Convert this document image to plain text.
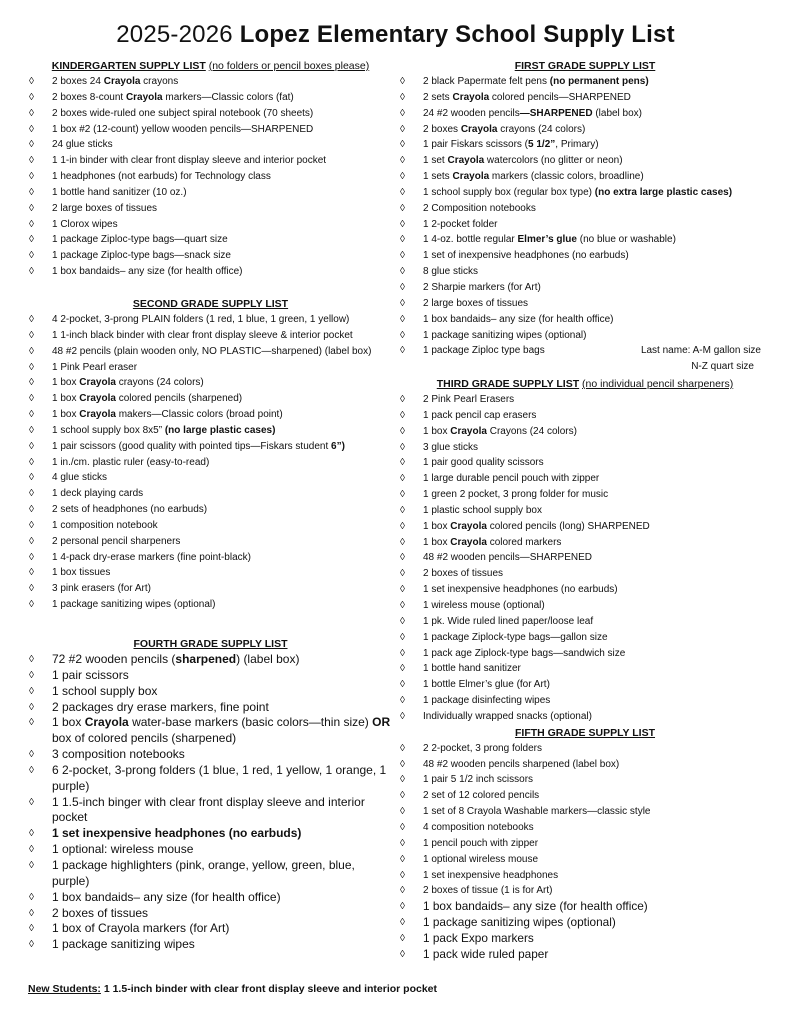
2025-2026 Lopez Elementary School Supply List

KINDERGARTEN SUPPLY LIST (no folders or pencil boxes please)

◊ 2 boxes 24 Crayola crayons
◊ 2 boxes 8-count Crayola markers—Classic colors (fat)
◊ 2 boxes wide-ruled one subject spiral notebook (70 sheets)
◊ 1 box #2 (12-count) yellow wooden pencils—SHARPENED
◊ 24 glue sticks
◊ 1 1-in binder with clear front display sleeve and interior pocket
◊ 1 headphones (not earbuds) for Technology class
◊ 1 bottle hand sanitizer (10 oz.)
◊ 2 large boxes of tissues
◊ 1 Clorox wipes
◊ 1 package Ziploc-type bags—quart size
◊ 1 package Ziploc-type bags—snack size
◊ 1 box bandaids– any size (for health office)

SECOND GRADE SUPPLY LIST

◊ 4 2-pocket, 3-prong PLAIN folders (1 red, 1 blue, 1 green, 1 yellow)
◊ 1 1-inch black binder with clear front display sleeve & interior pocket
◊ 48 #2 pencils (plain wooden only, NO PLASTIC—sharpened) (label box)
◊ 1 Pink Pearl eraser
◊ 1 box Crayola crayons (24 colors)
◊ 1 box Crayola colored pencils (sharpened)
◊ 1 box Crayola makers—Classic colors (broad point)
◊ 1 school supply box 8x5” (no large plastic cases)
◊ 1 pair scissors (good quality with pointed tips—Fiskars student 6”)
◊ 1 in./cm. plastic ruler (easy-to-read)
◊ 4 glue sticks
◊ 1 deck playing cards
◊ 2 sets of headphones (no earbuds)
◊ 1 composition notebook
◊ 2 personal pencil sharpeners
◊ 1 4-pack dry-erase markers (fine point-black)
◊ 1 box tissues
◊ 3 pink erasers (for Art)
◊ 1 package sanitizing wipes (optional)

FOURTH GRADE SUPPLY LIST

◊ 72 #2 wooden pencils (sharpened) (label box)
◊ 1 pair scissors
◊ 1 school supply box
◊ 2 packages dry erase markers, fine point
◊ 1 box Crayola water-base markers (basic colors—thin size) OR box of colored pencils (sharpened)
◊ 3 composition notebooks
◊ 6 2-pocket, 3-prong folders (1 blue, 1 red, 1 yellow, 1 orange, 1 purple)
◊ 1 1.5-inch binger with clear front display sleeve and interior pocket
◊ 1 set inexpensive headphones (no earbuds)
◊ 1 optional: wireless mouse
◊ 1 package highlighters (pink, orange, yellow, green, blue, purple)
◊ 1 box bandaids– any size (for health office)
◊ 2 boxes of tissues
◊ 1 box of Crayola markers (for Art)
◊ 1 package sanitizing wipes

FIRST GRADE SUPPLY LIST

◊ 2 black Papermate felt pens (no permanent pens)
◊ 2 sets Crayola colored pencils—SHARPENED
◊ 24 #2 wooden pencils—SHARPENED (label box)
◊ 2 boxes Crayola crayons (24 colors)
◊ 1 pair Fiskars scissors (5 1/2”, Primary)
◊ 1 set Crayola watercolors (no glitter or neon)
◊ 1 sets Crayola markers (classic colors, broadline)
◊ 1 school supply box (regular box type) (no extra large plastic cases)
◊ 2 Composition notebooks
◊ 1 2-pocket folder
◊ 1 4-oz. bottle regular Elmer’s glue (no blue or washable)
◊ 1 set of inexpensive headphones (no earbuds)
◊ 8 glue sticks
◊ 2 Sharpie markers (for Art)
◊ 2 large boxes of tissues
◊ 1 box bandaids– any size (for health office)
◊ 1 package sanitizing wipes (optional)
◊ 1 package Ziploc type bags	Last name: A-M gallon size
N-Z quart size

THIRD GRADE SUPPLY LIST (no individual pencil sharpeners)

◊ 2 Pink Pearl Erasers
◊ 1 pack pencil cap erasers
◊ 1 box Crayola Crayons (24 colors)
◊ 3 glue sticks
◊ 1 pair good quality scissors
◊ 1 large durable pencil pouch with zipper
◊ 1 green 2 pocket, 3 prong folder for music
◊ 1 plastic school supply box
◊ 1 box Crayola colored pencils (long) SHARPENED
◊ 1 box Crayola colored markers
◊ 48 #2 wooden pencils—SHARPENED
◊ 2 boxes of tissues
◊ 1 set inexpensive headphones (no earbuds)
◊ 1 wireless mouse (optional)
◊ 1 pk. Wide ruled lined paper/loose leaf
◊ 1 package Ziplock-type bags—gallon size
◊ 1 pack age Ziplock-type bags—sandwich size
◊ 1 bottle hand sanitizer
◊ 1 bottle Elmer’s glue (for Art)
◊ 1 package disinfecting wipes
◊ Individually wrapped snacks (optional)

FIFTH GRADE SUPPLY LIST

◊ 2 2-pocket, 3 prong folders
◊ 48 #2 wooden pencils sharpened (label box)
◊ 1 pair 5 1/2 inch scissors
◊ 2 set of 12 colored pencils
◊ 1 set of 8 Crayola Washable markers—classic style
◊ 4 composition notebooks
◊ 1 pencil pouch with zipper
◊ 1 optional wireless mouse
◊ 1 set inexpensive headphones
◊ 2 boxes of tissue (1 is for Art)
◊ 1 box bandaids– any size (for health office)
◊ 1 package sanitizing wipes (optional)
◊ 1 pack Expo markers
◊ 1 pack wide ruled paper
New Students: 1 1.5-inch binder with clear front display sleeve and interior pocket
